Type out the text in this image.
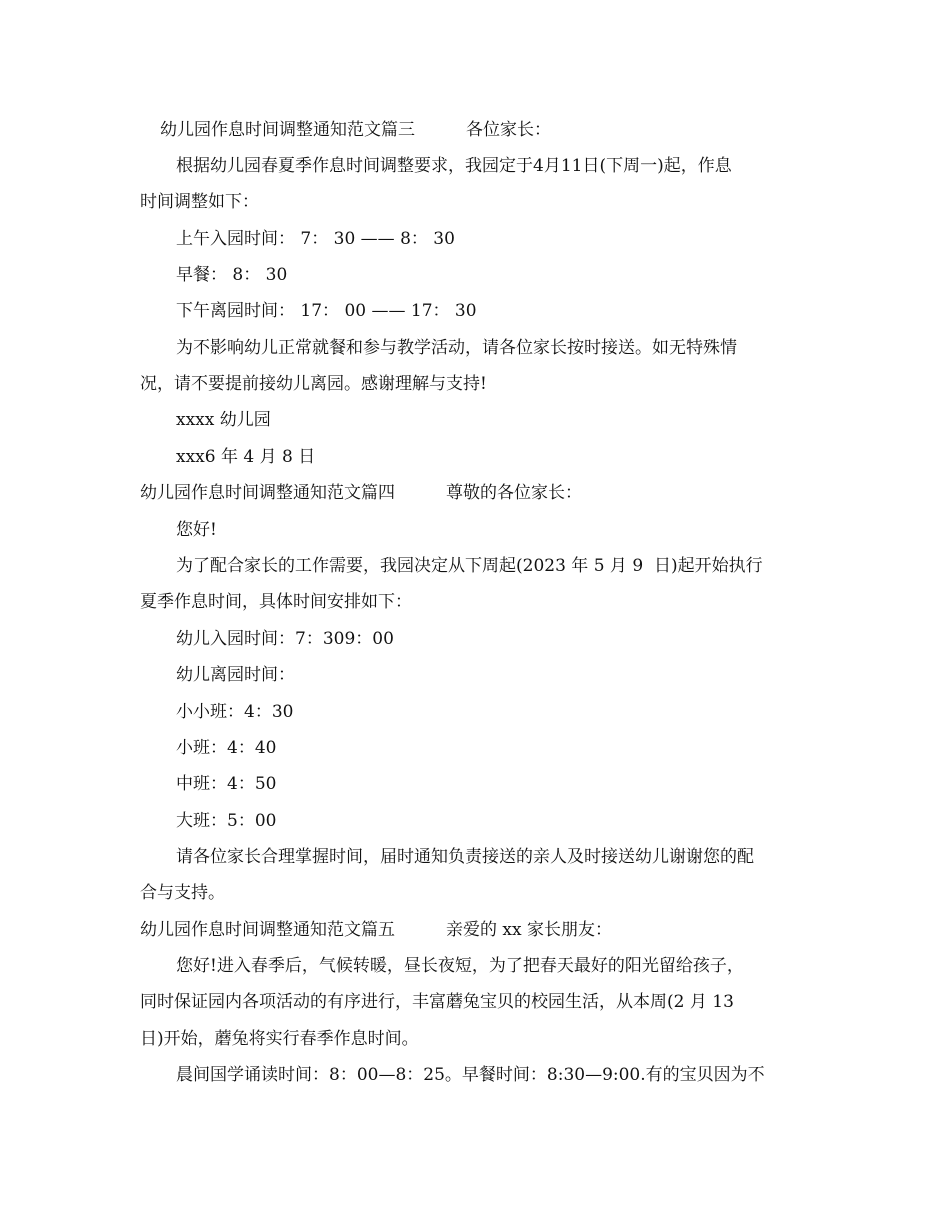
幼儿园作息时间调整通知范文篇三　　　各位家长：
根据幼儿园春夏季作息时间调整要求，我园定于4月11日(下周一)起，作息
时间调整如下：
上午入园时间： 7： 30 —— 8： 30
早餐： 8： 30
下午离园时间： 17： 00 —— 17： 30
为不影响幼儿正常就餐和参与教学活动，请各位家长按时接送。如无特殊情
况，请不要提前接幼儿离园。感谢理解与支持!
xxxx 幼儿园
xxx6 年 4 月 8 日
幼儿园作息时间调整通知范文篇四　　　尊敬的各位家长：
您好!
为了配合家长的工作需要，我园决定从下周起(2023 年 5 月 9  日)起开始执行
夏季作息时间，具体时间安排如下：
幼儿入园时间：7：309：00
幼儿离园时间：
小小班：4：30
小班：4：40
中班：4：50
大班：5：00
请各位家长合理掌握时间，届时通知负责接送的亲人及时接送幼儿谢谢您的配
合与支持。
幼儿园作息时间调整通知范文篇五　　　亲爱的 xx 家长朋友：
您好!进入春季后，气候转暖，昼长夜短，为了把春天最好的阳光留给孩子，
同时保证园内各项活动的有序进行，丰富蘑兔宝贝的校园生活，从本周(2 月 13
日)开始，蘑兔将实行春季作息时间。
晨间国学诵读时间：8：00—8：25。早餐时间：8:30—9:00.有的宝贝因为不
